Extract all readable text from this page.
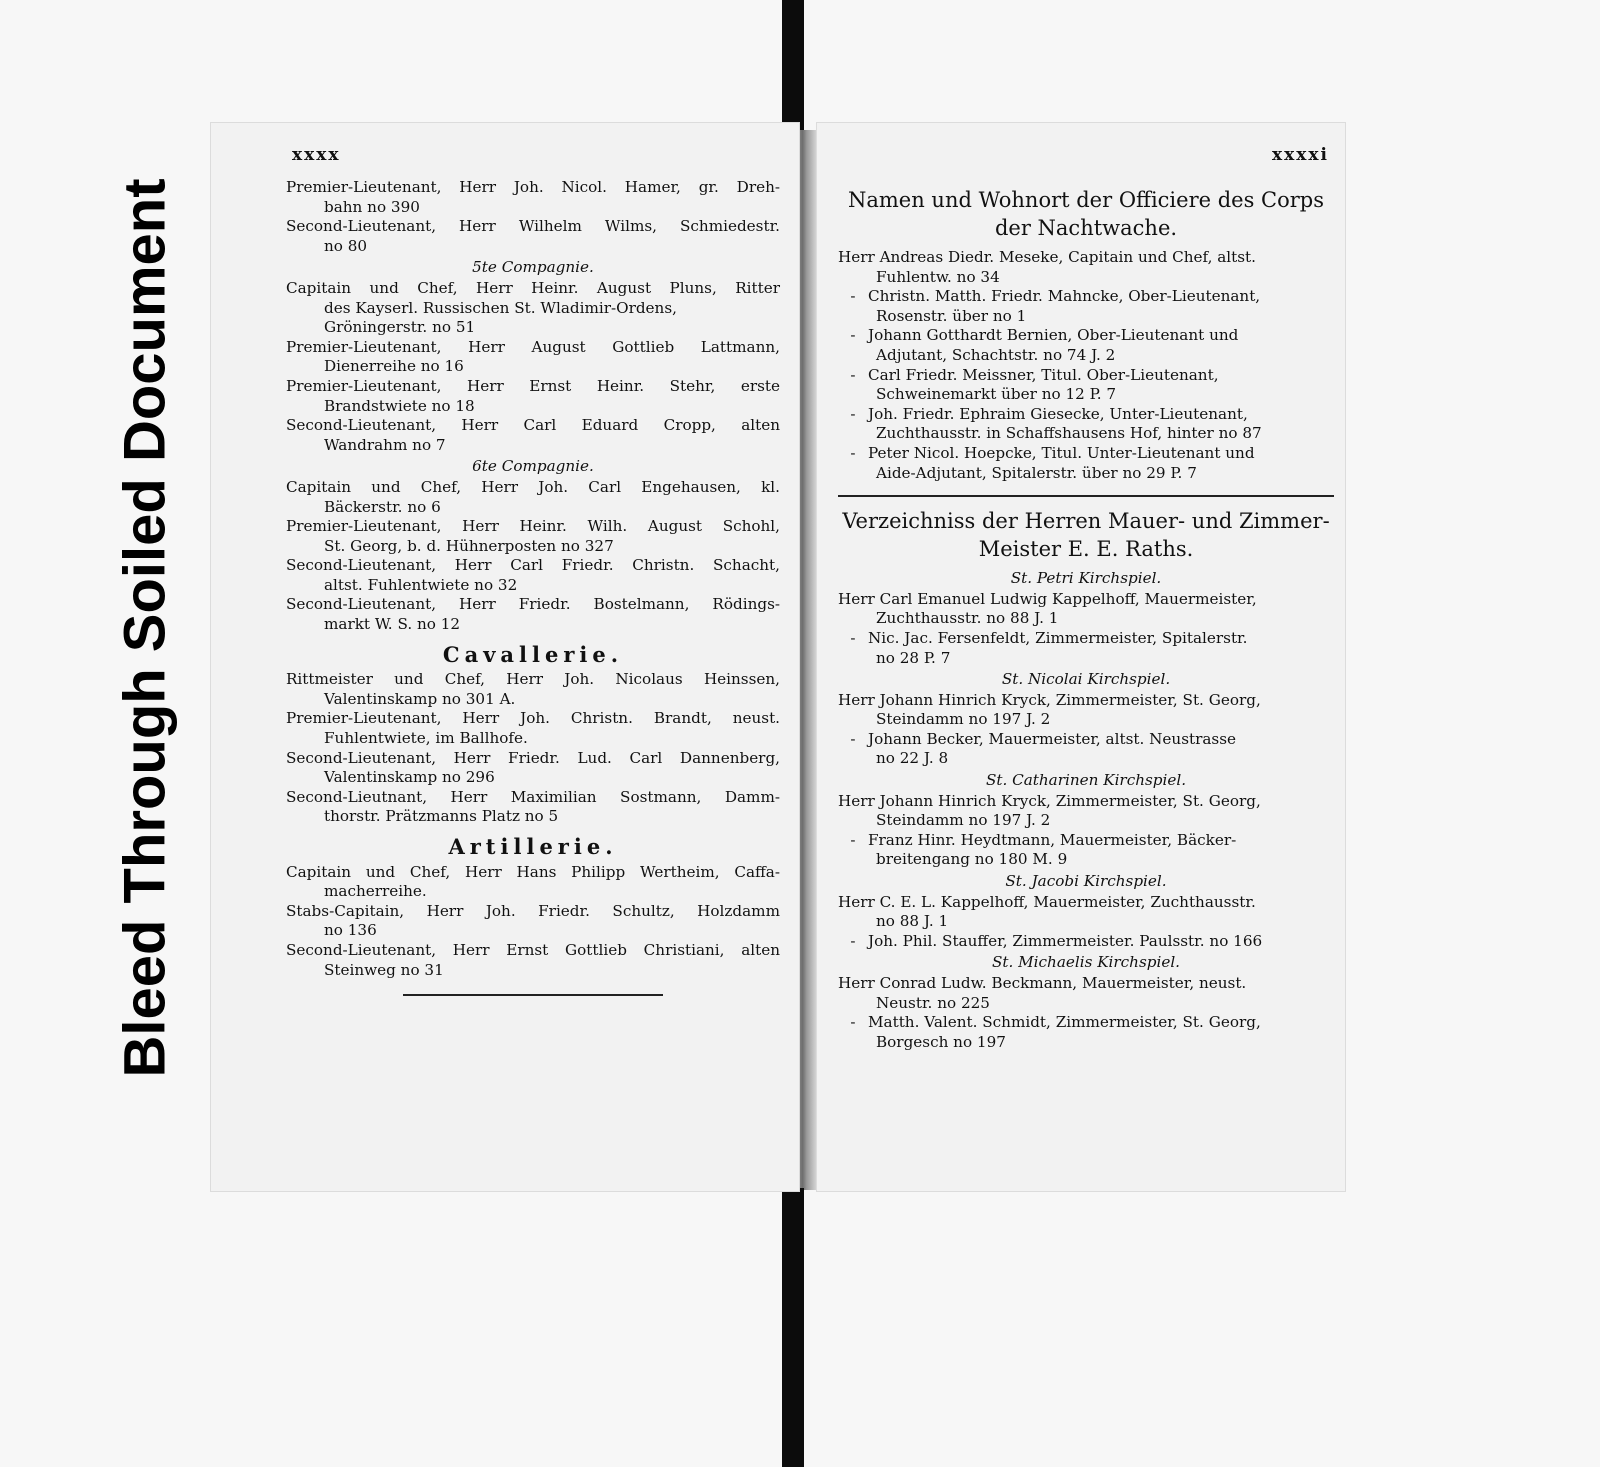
Bleed Through Soiled Document
xxxx	xxxxi
Premier-Lieutenant, Herr Joh. Nicol. Hamer, gr. Dreh-
bahn no 390
Second-Lieutenant, Herr Wilhelm Wilms, Schmiedestr.
no 80
5te Compagnie.
Capitain und Chef, Herr Heinr. August Pluns, Ritter
des Kayserl. Russischen St. Wladimir-Ordens, Gröningerstr. no 51
Premier-Lieutenant, Herr August Gottlieb Lattmann,
Dienerreihe no 16
Premier-Lieutenant, Herr Ernst Heinr. Stehr, erste
Brandstwiete no 18
Second-Lieutenant, Herr Carl Eduard Cropp, alten
Wandrahm no 7
6te Compagnie.
Capitain und Chef, Herr Joh. Carl Engehausen, kl.
Bäckerstr. no 6
Premier-Lieutenant, Herr Heinr. Wilh. August Schohl,
St. Georg, b. d. Hühnerposten no 327
Second-Lieutenant, Herr Carl Friedr. Christn. Schacht,
altst. Fuhlentwiete no 32
Second-Lieutenant, Herr Friedr. Bostelmann, Rödings-
markt W. S. no 12
Cavallerie.
Rittmeister und Chef, Herr Joh. Nicolaus Heinssen,
Valentinskamp no 301 A.
Premier-Lieutenant, Herr Joh. Christn. Brandt, neust.
Fuhlentwiete, im Ballhofe.
Second-Lieutenant, Herr Friedr. Lud. Carl Dannenberg,
Valentinskamp no 296
Second-Lieutnant, Herr Maximilian Sostmann, Damm-
thorstr. Prätzmanns Platz no 5
Artillerie.
Capitain und Chef, Herr Hans Philipp Wertheim, Caffa-
macherreihe.
Stabs-Capitain, Herr Joh. Friedr. Schultz, Holzdamm
no 136
Second-Lieutenant, Herr Ernst Gottlieb Christiani, alten
Steinweg no 31
Namen und Wohnort der Officiere des Corps der Nachtwache.
Herr Andreas Diedr. Meseke, Capitain und Chef, altst.
Fuhlentw. no 34
- Christn. Matth. Friedr. Mahncke, Ober-Lieutenant,
Rosenstr. über no 1
- Johann Gotthardt Bernien, Ober-Lieutenant und
Adjutant, Schachtstr. no 74 J. 2
- Carl Friedr. Meissner, Titul. Ober-Lieutenant,
Schweinemarkt über no 12 P. 7
- Joh. Friedr. Ephraim Giesecke, Unter-Lieutenant,
Zuchthausstr. in Schaffshausens Hof, hinter no 87
- Peter Nicol. Hoepcke, Titul. Unter-Lieutenant und
Aide-Adjutant, Spitalerstr. über no 29 P. 7
Verzeichniss der Herren Mauer- und Zimmer-Meister E. E. Raths.
St. Petri Kirchspiel.
Herr Carl Emanuel Ludwig Kappelhoff, Mauermeister,
Zuchthausstr. no 88 J. 1
- Nic. Jac. Fersenfeldt, Zimmermeister, Spitalerstr.
no 28 P. 7
St. Nicolai Kirchspiel.
Herr Johann Hinrich Kryck, Zimmermeister, St. Georg,
Steindamm no 197 J. 2
- Johann Becker, Mauermeister, altst. Neustrasse
no 22 J. 8
St. Catharinen Kirchspiel.
Herr Johann Hinrich Kryck, Zimmermeister, St. Georg,
Steindamm no 197 J. 2
- Franz Hinr. Heydtmann, Mauermeister, Bäcker-
breitengang no 180 M. 9
St. Jacobi Kirchspiel.
Herr C. E. L. Kappelhoff, Mauermeister, Zuchthausstr.
no 88 J. 1
- Joh. Phil. Stauffer, Zimmermeister. Paulsstr. no 166
St. Michaelis Kirchspiel.
Herr Conrad Ludw. Beckmann, Mauermeister, neust.
Neustr. no 225
- Matth. Valent. Schmidt, Zimmermeister, St. Georg,
Borgesch no 197
